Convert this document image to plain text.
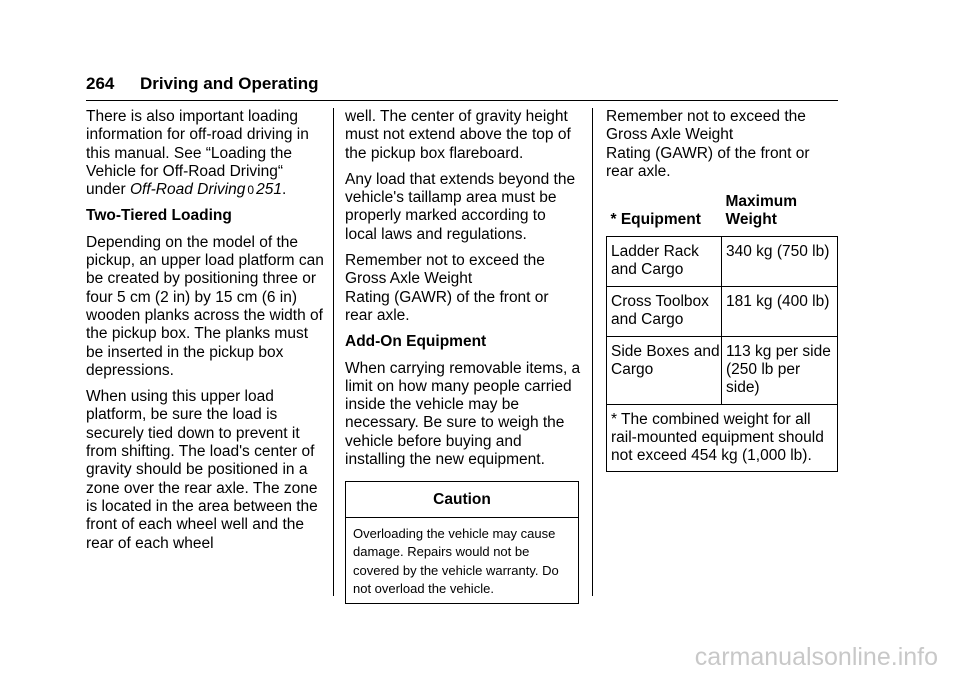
264 Driving and Operating

There is also important loading
information for off-road driving in
this manual. See “Loading the
Vehicle for Off-Road Driving“
under Off-Road Driving 0 251.

Two-Tiered Loading

Depending on the model of the pickup, an upper load platform can be created by positioning three or four 5 cm (2 in) by 15 cm (6 in) wooden planks across the width of the pickup box. The planks must be inserted in the pickup box depressions.

When using this upper load platform, be sure the load is securely tied down to prevent it from shifting. The load's center of gravity should be positioned in a zone over the rear axle. The zone is located in the area between the front of each wheel well and the rear of each wheel

well. The center of gravity height must not extend above the top of the pickup box flareboard.

Any load that extends beyond the vehicle's taillamp area must be properly marked according to local laws and regulations.

Remember not to exceed the
Gross Axle Weight
Rating (GAWR) of the front or
rear axle.

Add-On Equipment

When carrying removable items, a limit on how many people carried inside the vehicle may be necessary. Be sure to weigh the vehicle before buying and installing the new equipment.

Caution
Overloading the vehicle may cause damage. Repairs would not be covered by the vehicle warranty. Do not overload the vehicle.

Remember not to exceed the
Gross Axle Weight
Rating (GAWR) of the front or
rear axle.

* Equipment	Maximum Weight
Ladder Rack and Cargo	340 kg (750 lb)
Cross Toolbox and Cargo	181 kg (400 lb)
Side Boxes and Cargo	113 kg per side (250 lb per side)
* The combined weight for all rail-mounted equipment should not exceed 454 kg (1,000 lb).
carmanualsonline.info
